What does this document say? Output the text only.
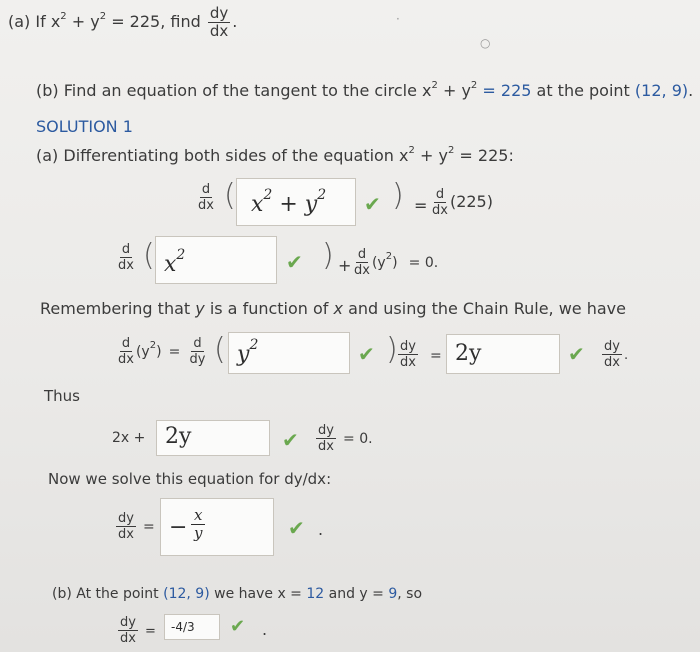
(a) If $x^2 + y^2 = 225$, find $\frac{dy}{dx}$ .	·
○
(b) Find an equation of the tangent to the circle $x^2 + y^2 = 225$ at the point (12, 9).
SOLUTION 1
(a) Differentiating both sides of the equation $x^2 + y^2 = 225$:
$\frac{d}{dx}$ ( $x^2 + y^2$ ✔ ) = $\frac{d}{dx} (225)$
$\frac{d}{dx}$ ( $x^2$	✔ ) + $\frac{d}{dx} (y^2) = 0$.
Remembering that y is a function of x and using the Chain Rule, we have
$\frac{d}{dx} (y^2) = \frac{d}{dy}$ ( $y^2$	✔ ) $\frac{dy}{dx} = 2y$	✔ $\frac{dy}{dx}$ .
Thus
2x + 2y	✔ $\frac{dy}{dx} = 0$.
Now we solve this equation for dy/dx:
$\frac{dy}{dx}$ = − $\frac{x}{y}$	✔ .
(b) At the point (12, 9) we have x = 12 and y = 9, so
$\frac{dy}{dx} = -4/3$ ✔ .
